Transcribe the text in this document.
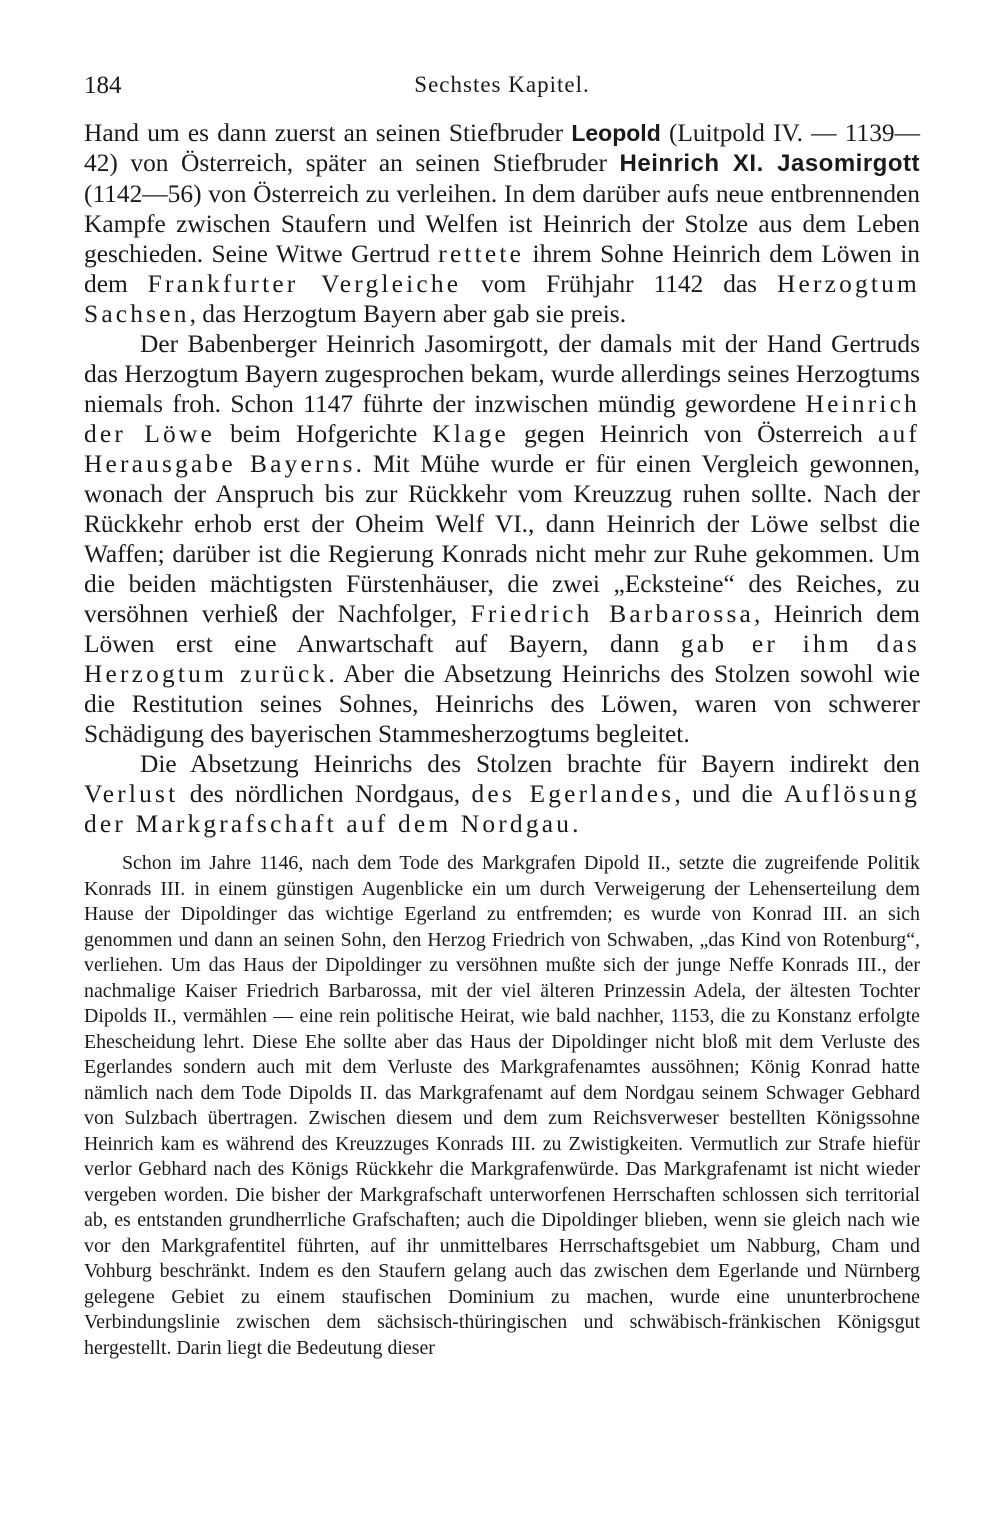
184	Sechstes Kapitel.

Hand um es dann zuerst an seinen Stiefbruder Leopold (Luitpold IV. — 1139—42) von Österreich, später an seinen Stiefbruder Heinrich XI. Jasomirgott (1142—56) von Österreich zu verleihen. In dem darüber aufs neue entbrennenden Kampfe zwischen Staufern und Welfen ist Heinrich der Stolze aus dem Leben geschieden. Seine Witwe Gertrud rettete ihrem Sohne Heinrich dem Löwen in dem Frankfurter Vergleiche vom Frühjahr 1142 das Herzogtum Sachsen, das Herzogtum Bayern aber gab sie preis.

Der Babenberger Heinrich Jasomirgott, der damals mit der Hand Gertruds das Herzogtum Bayern zugesprochen bekam, wurde allerdings seines Herzogtums niemals froh. Schon 1147 führte der inzwischen mündig gewordene Heinrich der Löwe beim Hofgerichte Klage gegen Heinrich von Österreich auf Herausgabe Bayerns. Mit Mühe wurde er für einen Vergleich gewonnen, wonach der Anspruch bis zur Rückkehr vom Kreuzzug ruhen sollte. Nach der Rückkehr erhob erst der Oheim Welf VI., dann Heinrich der Löwe selbst die Waffen; darüber ist die Regierung Konrads nicht mehr zur Ruhe gekommen. Um die beiden mächtigsten Fürstenhäuser, die zwei „Ecksteine“ des Reiches, zu versöhnen verhieß der Nachfolger, Friedrich Barbarossa, Heinrich dem Löwen erst eine Anwartschaft auf Bayern, dann gab er ihm das Herzogtum zurück. Aber die Absetzung Heinrichs des Stolzen sowohl wie die Restitution seines Sohnes, Heinrichs des Löwen, waren von schwerer Schädigung des bayerischen Stammesherzogtums begleitet.

Die Absetzung Heinrichs des Stolzen brachte für Bayern indirekt den Verlust des nördlichen Nordgaus, des Egerlandes, und die Auflösung der Markgrafschaft auf dem Nordgau.

Schon im Jahre 1146, nach dem Tode des Markgrafen Dipold II., setzte die zugreifende Politik Konrads III. in einem günstigen Augenblicke ein um durch Verweigerung der Lehenserteilung dem Hause der Dipoldinger das wichtige Egerland zu entfremden; es wurde von Konrad III. an sich genommen und dann an seinen Sohn, den Herzog Friedrich von Schwaben, „das Kind von Rotenburg“, verliehen. Um das Haus der Dipoldinger zu versöhnen mußte sich der junge Neffe Konrads III., der nachmalige Kaiser Friedrich Barbarossa, mit der viel älteren Prinzessin Adela, der ältesten Tochter Dipolds II., vermählen — eine rein politische Heirat, wie bald nachher, 1153, die zu Konstanz erfolgte Ehescheidung lehrt. Diese Ehe sollte aber das Haus der Dipoldinger nicht bloß mit dem Verluste des Egerlandes sondern auch mit dem Verluste des Markgrafenamtes aussöhnen; König Konrad hatte nämlich nach dem Tode Dipolds II. das Markgrafenamt auf dem Nordgau seinem Schwager Gebhard von Sulzbach übertragen. Zwischen diesem und dem zum Reichsverweser bestellten Königssohne Heinrich kam es während des Kreuzzuges Konrads III. zu Zwistigkeiten. Vermutlich zur Strafe hiefür verlor Gebhard nach des Königs Rückkehr die Markgrafenwürde. Das Markgrafenamt ist nicht wieder vergeben worden. Die bisher der Markgrafschaft unterworfenen Herrschaften schlossen sich territorial ab, es entstanden grundherrliche Grafschaften; auch die Dipoldinger blieben, wenn sie gleich nach wie vor den Markgrafentitel führten, auf ihr unmittelbares Herrschaftsgebiet um Nabburg, Cham und Vohburg beschränkt. Indem es den Staufern gelang auch das zwischen dem Egerlande und Nürnberg gelegene Gebiet zu einem staufischen Dominium zu machen, wurde eine ununterbrochene Verbindungslinie zwischen dem sächsisch-thüringischen und schwäbisch-fränkischen Königsgut hergestellt. Darin liegt die Bedeutung dieser
